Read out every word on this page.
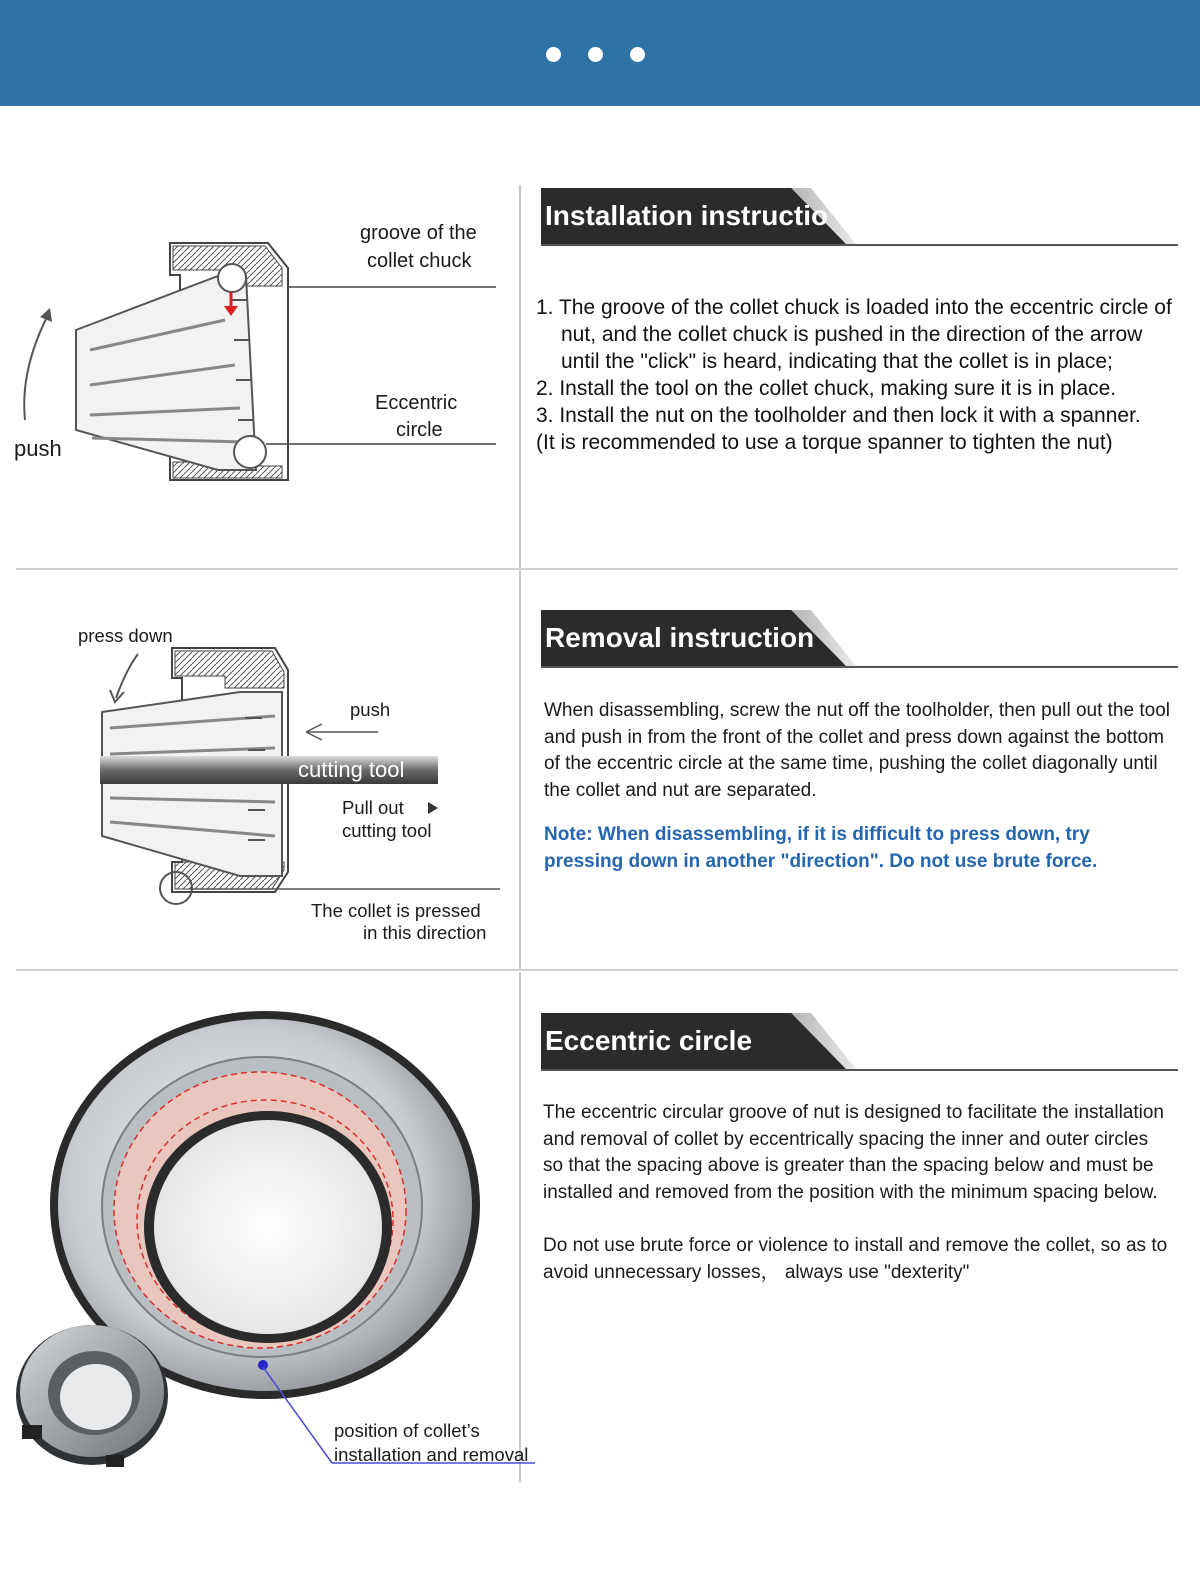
groove of the
collet chuck
Eccentric
circle
push
Installation instructio
1. The groove of the collet chuck is loaded into the eccentric circle of nut, and the collet chuck is pushed in the direction of the arrow until the "click" is heard, indicating that the collet is in place;
2. Install the tool on the collet chuck, making sure it is in place.
3. Install the nut on the toolholder and then lock it with a spanner.
(It is recommended to use a torque spanner to tighten the nut)
press down
push
cutting tool
Pull out
cutting tool
The collet is pressed
in this direction
Removal instruction

When disassembling, screw the nut off the toolholder, then pull out the tool and push in from the front of the collet and press down against the bottom of the eccentric circle at the same time, pushing the collet diagonally until the collet and nut are separated.

Note: When disassembling, if it is difficult to press down, try pressing down in another "direction". Do not use brute force.

position of collet’s
installation and removal
Eccentric circle

The eccentric circular groove of nut is designed to facilitate the installation and removal of collet by eccentrically spacing the inner and outer circles so that the spacing above is greater than the spacing below and must be installed and removed from the position with the minimum spacing below.

Do not use brute force or violence to install and remove the collet, so as to avoid unnecessary losses， always use "dexterity"
